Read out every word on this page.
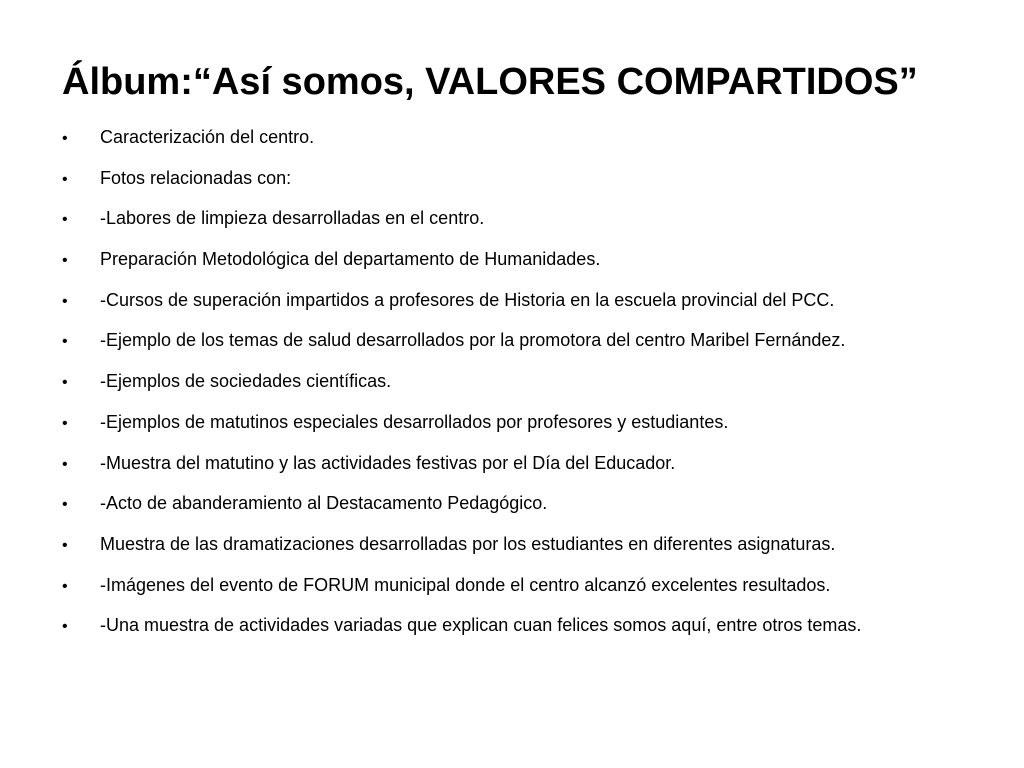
Álbum:“Así somos, VALORES COMPARTIDOS”
•	Caracterización del centro.
•	Fotos relacionadas con:
•	-Labores de limpieza desarrolladas en el centro.
•	Preparación Metodológica del departamento de Humanidades.
•	-Cursos de superación impartidos a profesores de Historia en la escuela provincial del PCC.
•	-Ejemplo de los temas de salud desarrollados por la promotora del centro Maribel Fernández.
•	-Ejemplos de sociedades científicas.
•	-Ejemplos de matutinos especiales desarrollados por profesores y estudiantes.
•	-Muestra del matutino y las actividades festivas por el Día del Educador.
•	-Acto de abanderamiento al Destacamento Pedagógico.
•	Muestra de las dramatizaciones desarrolladas por los estudiantes en diferentes asignaturas.
•	-Imágenes del evento de FORUM municipal donde el centro alcanzó excelentes resultados.
•	-Una muestra de actividades variadas que explican cuan felices somos aquí, entre otros temas.
